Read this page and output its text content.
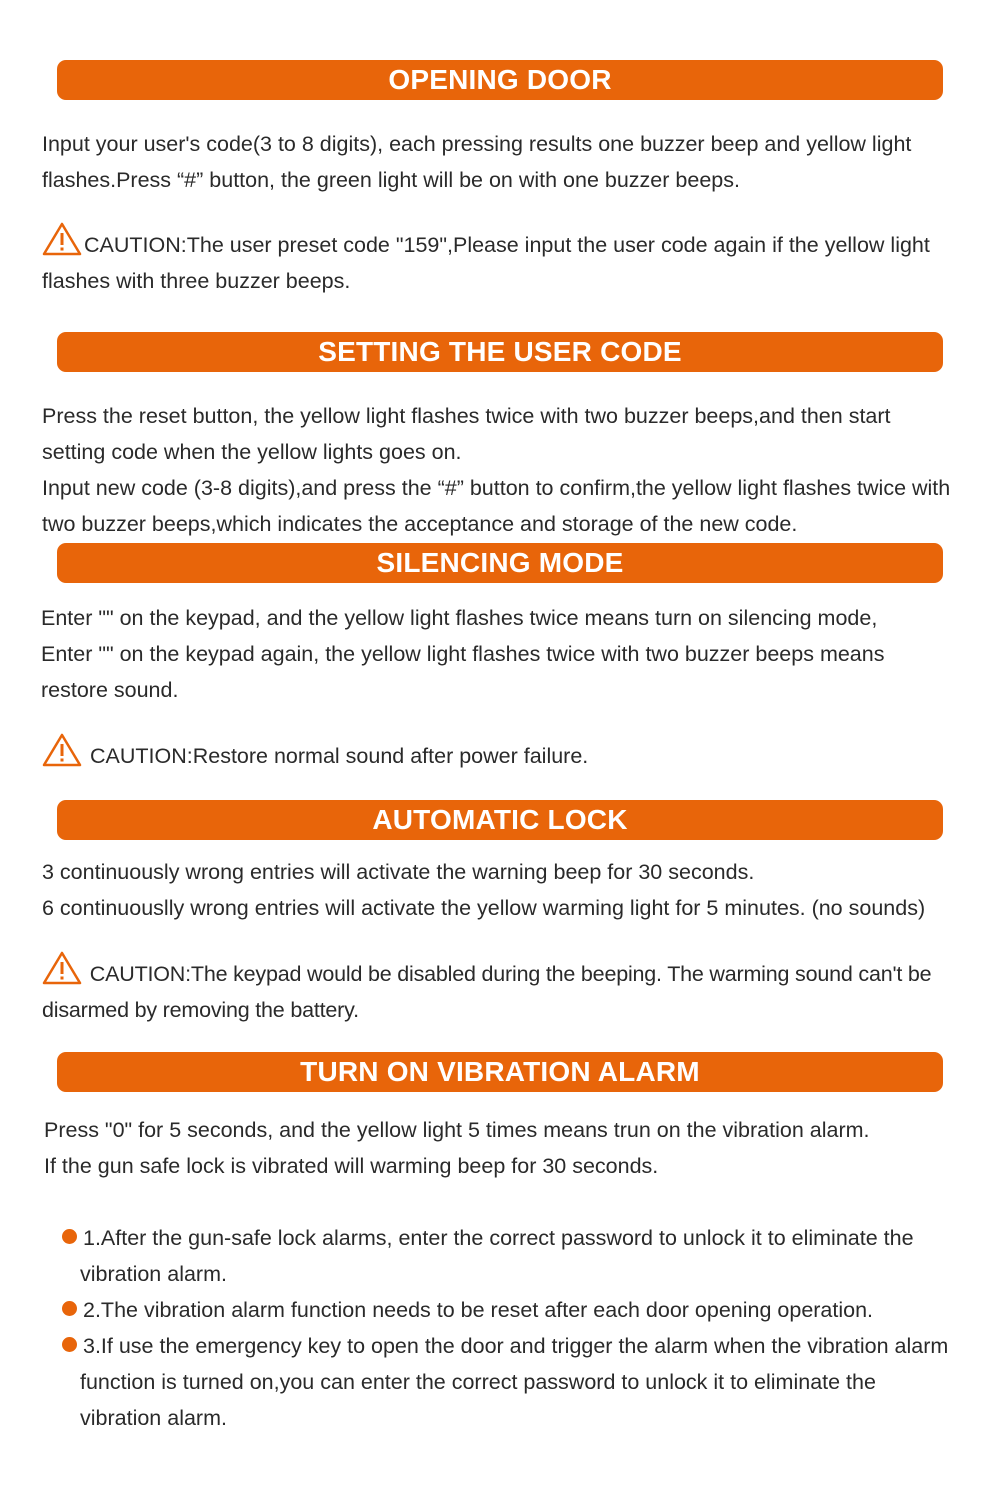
OPENING DOOR

Input your user's code(3 to 8 digits), each pressing results one buzzer beep and yellow light flashes.Press “#” button, the green light will be on with one buzzer beeps.

CAUTION:The user preset code "159",Please input the user code again if the yellow light flashes with three buzzer beeps.

SETTING THE USER CODE

Press the reset button, the yellow light flashes twice with two buzzer beeps,and then start setting code when the yellow lights goes on.

Input new code (3-8 digits),and press the “#” button to confirm,the yellow light flashes twice with two buzzer beeps,which indicates the acceptance and storage of the new code.

SILENCING MODE

Enter "" on the keypad, and the yellow light flashes twice means turn on silencing mode,

Enter "" on the keypad again, the yellow light flashes twice with two buzzer beeps means restore sound.

CAUTION:Restore normal sound after power failure.

AUTOMATIC LOCK

3 continuously wrong entries will activate the warning beep for 30 seconds.

6 continuouslly wrong entries will activate the yellow warming light for 5 minutes. (no sounds)

CAUTION:The keypad would be disabled during the beeping. The warming sound can't be disarmed by removing the battery.

TURN ON VIBRATION ALARM

Press "0" for 5 seconds, and the yellow light 5 times means trun on the vibration alarm.

If the gun safe lock is vibrated will warming beep for 30 seconds.

1.After the gun-safe lock alarms, enter the correct password to unlock it to eliminate the vibration alarm.
2.The vibration alarm function needs to be reset after each door opening operation.
3.If use the emergency key to open the door and trigger the alarm when the vibration alarm function is turned on,you can enter the correct password to unlock it to eliminate the vibration alarm.
